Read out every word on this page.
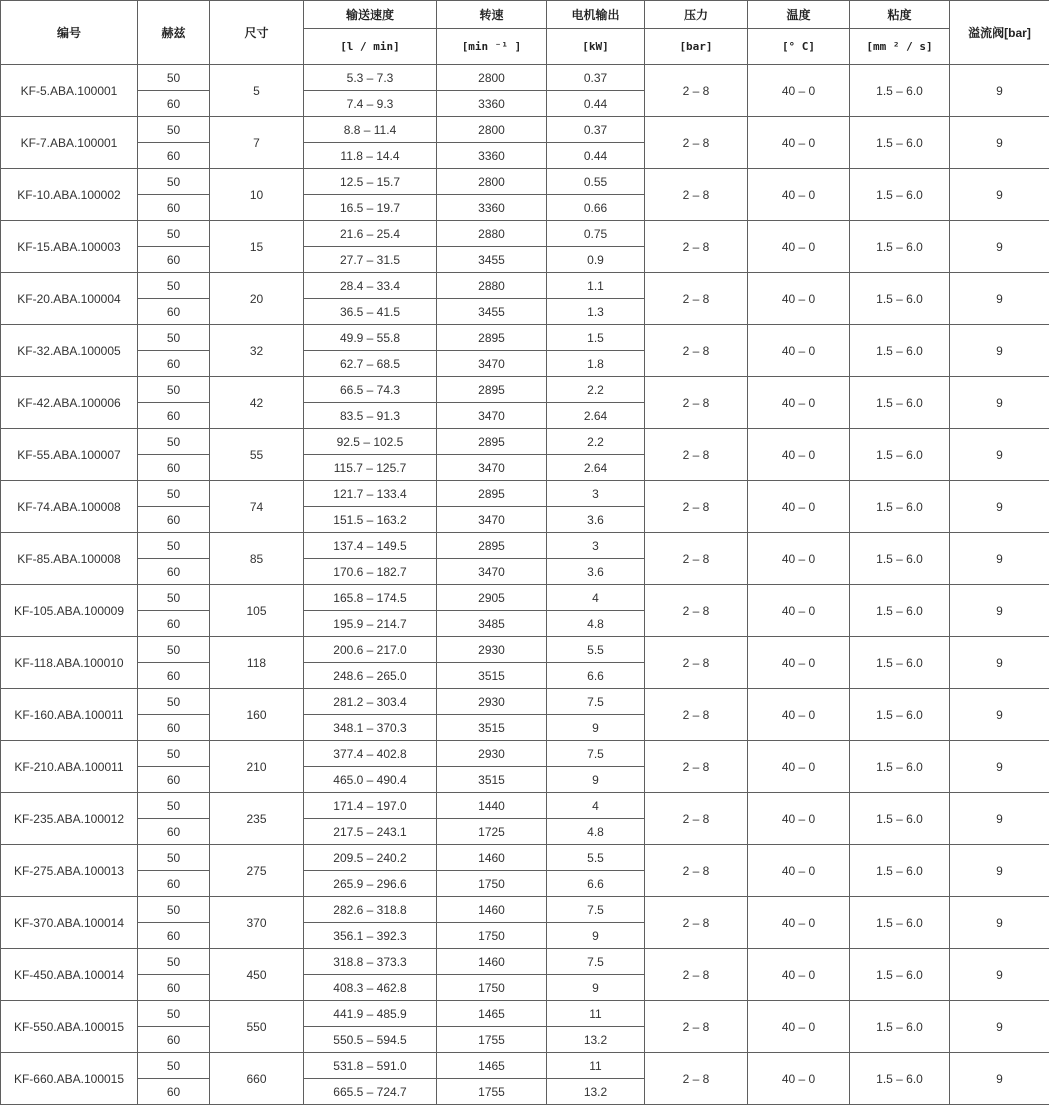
编号	赫兹	尺寸	输送速度	转速	电机输出	压力	温度	粘度	溢流阀[bar]
			[l / min]	[min ⁻¹ ]	[kW]	[bar]	[° C]	[mm ² / s]	
KF-5.ABA.100001	50	5	5.3 – 7.3	2800	0.37	2 – 8	40 – 0	1.5 – 6.0	9
	60		7.4 – 9.3	3360	0.44				
KF-7.ABA.100001	50	7	8.8 – 11.4	2800	0.37	2 – 8	40 – 0	1.5 – 6.0	9
	60		11.8 – 14.4	3360	0.44				
KF-10.ABA.100002	50	10	12.5 – 15.7	2800	0.55	2 – 8	40 – 0	1.5 – 6.0	9
	60		16.5 – 19.7	3360	0.66				
KF-15.ABA.100003	50	15	21.6 – 25.4	2880	0.75	2 – 8	40 – 0	1.5 – 6.0	9
	60		27.7 – 31.5	3455	0.9				
KF-20.ABA.100004	50	20	28.4 – 33.4	2880	1.1	2 – 8	40 – 0	1.5 – 6.0	9
	60		36.5 – 41.5	3455	1.3				
KF-32.ABA.100005	50	32	49.9 – 55.8	2895	1.5	2 – 8	40 – 0	1.5 – 6.0	9
	60		62.7 – 68.5	3470	1.8				
KF-42.ABA.100006	50	42	66.5 – 74.3	2895	2.2	2 – 8	40 – 0	1.5 – 6.0	9
	60		83.5 – 91.3	3470	2.64				
KF-55.ABA.100007	50	55	92.5 – 102.5	2895	2.2	2 – 8	40 – 0	1.5 – 6.0	9
	60		115.7 – 125.7	3470	2.64				
KF-74.ABA.100008	50	74	121.7 – 133.4	2895	3	2 – 8	40 – 0	1.5 – 6.0	9
	60		151.5 – 163.2	3470	3.6				
KF-85.ABA.100008	50	85	137.4 – 149.5	2895	3	2 – 8	40 – 0	1.5 – 6.0	9
	60		170.6 – 182.7	3470	3.6				
KF-105.ABA.100009	50	105	165.8 – 174.5	2905	4	2 – 8	40 – 0	1.5 – 6.0	9
	60		195.9 – 214.7	3485	4.8				
KF-118.ABA.100010	50	118	200.6 – 217.0	2930	5.5	2 – 8	40 – 0	1.5 – 6.0	9
	60		248.6 – 265.0	3515	6.6				
KF-160.ABA.100011	50	160	281.2 – 303.4	2930	7.5	2 – 8	40 – 0	1.5 – 6.0	9
	60		348.1 – 370.3	3515	9				
KF-210.ABA.100011	50	210	377.4 – 402.8	2930	7.5	2 – 8	40 – 0	1.5 – 6.0	9
	60		465.0 – 490.4	3515	9				
KF-235.ABA.100012	50	235	171.4 – 197.0	1440	4	2 – 8	40 – 0	1.5 – 6.0	9
	60		217.5 – 243.1	1725	4.8				
KF-275.ABA.100013	50	275	209.5 – 240.2	1460	5.5	2 – 8	40 – 0	1.5 – 6.0	9
	60		265.9 – 296.6	1750	6.6				
KF-370.ABA.100014	50	370	282.6 – 318.8	1460	7.5	2 – 8	40 – 0	1.5 – 6.0	9
	60		356.1 – 392.3	1750	9				
KF-450.ABA.100014	50	450	318.8 – 373.3	1460	7.5	2 – 8	40 – 0	1.5 – 6.0	9
	60		408.3 – 462.8	1750	9				
KF-550.ABA.100015	50	550	441.9 – 485.9	1465	11	2 – 8	40 – 0	1.5 – 6.0	9
	60		550.5 – 594.5	1755	13.2				
KF-660.ABA.100015	50	660	531.8 – 591.0	1465	11	2 – 8	40 – 0	1.5 – 6.0	9
	60		665.5 – 724.7	1755	13.2				
